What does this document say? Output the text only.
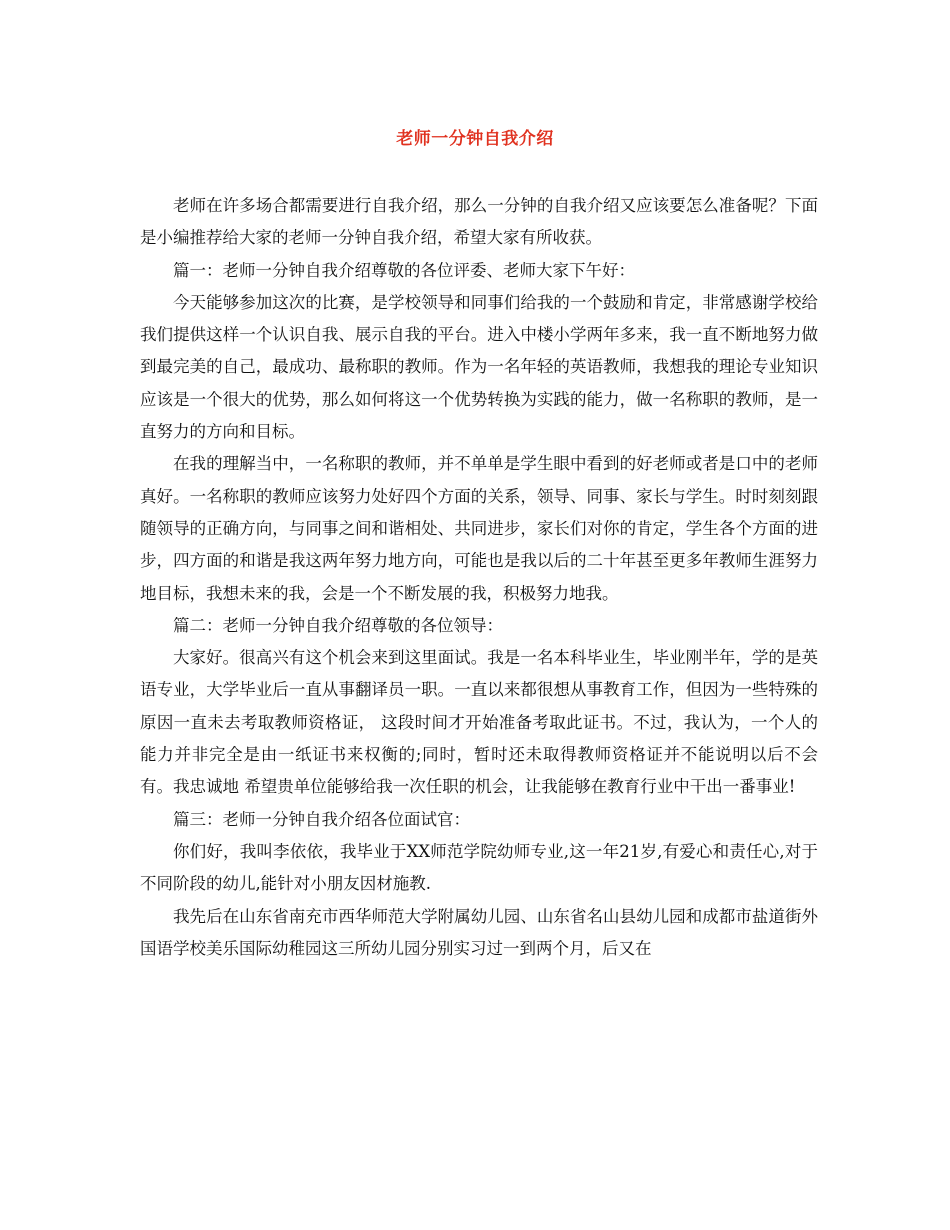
老师一分钟自我介绍

老师在许多场合都需要进行自我介绍，那么一分钟的自我介绍又应该要怎么准备呢？下面是小编推荐给大家的老师一分钟自我介绍，希望大家有所收获。

篇一：老师一分钟自我介绍尊敬的各位评委、老师大家下午好：

今天能够参加这次的比赛，是学校领导和同事们给我的一个鼓励和肯定，非常感谢学校给我们提供这样一个认识自我、展示自我的平台。进入中楼小学两年多来，我一直不断地努力做到最完美的自己，最成功、最称职的教师。作为一名年轻的英语教师，我想我的理论专业知识应该是一个很大的优势，那么如何将这一个优势转换为实践的能力，做一名称职的教师，是一直努力的方向和目标。

在我的理解当中，一名称职的教师，并不单单是学生眼中看到的好老师或者是口中的老师真好。一名称职的教师应该努力处好四个方面的关系，领导、同事、家长与学生。时时刻刻跟随领导的正确方向，与同事之间和谐相处、共同进步，家长们对你的肯定，学生各个方面的进步，四方面的和谐是我这两年努力地方向，可能也是我以后的二十年甚至更多年教师生涯努力地目标，我想未来的我，会是一个不断发展的我，积极努力地我。

篇二：老师一分钟自我介绍尊敬的各位领导：

大家好。很高兴有这个机会来到这里面试。我是一名本科毕业生，毕业刚半年，学的是英语专业，大学毕业后一直从事翻译员一职。一直以来都很想从事教育工作，但因为一些特殊的原因一直未去考取教师资格证， 这段时间才开始准备考取此证书。不过，我认为，一个人的能力并非完全是由一纸证书来权衡的;同时，暂时还未取得教师资格证并不能说明以后不会有。我忠诚地 希望贵单位能够给我一次任职的机会，让我能够在教育行业中干出一番事业!

篇三：老师一分钟自我介绍各位面试官：

你们好，我叫李依依，我毕业于XX师范学院幼师专业,这一年21岁,有爱心和责任心,对于不同阶段的幼儿,能针对小朋友因材施教.

我先后在山东省南充市西华师范大学附属幼儿园、山东省名山县幼儿园和成都市盐道街外国语学校美乐国际幼稚园这三所幼儿园分别实习过一到两个月，后又在
